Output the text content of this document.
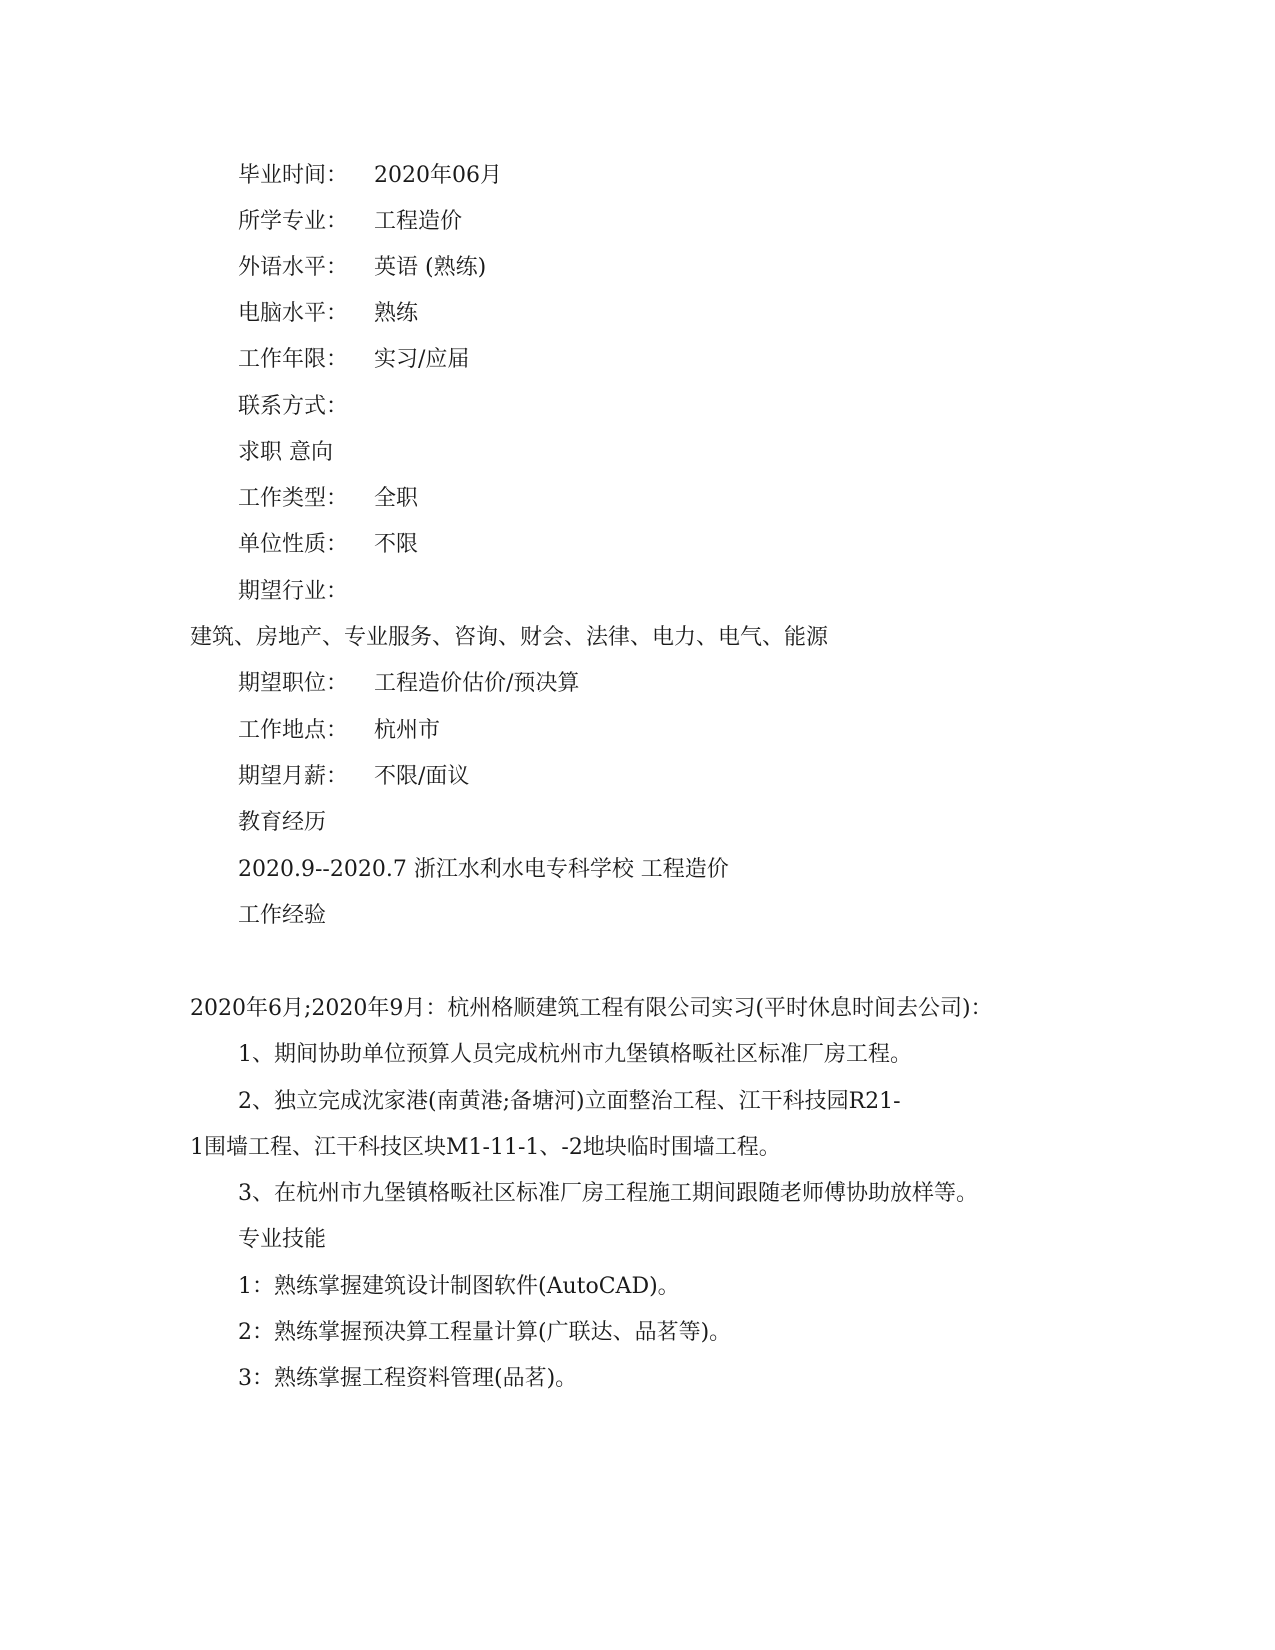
毕业时间： 2020年06月
所学专业： 工程造价
外语水平： 英语 (熟练)
电脑水平： 熟练
工作年限： 实习/应届
联系方式：
求职 意向
工作类型： 全职
单位性质： 不限
期望行业：
建筑、房地产、专业服务、咨询、财会、法律、电力、电气、能源
期望职位： 工程造价估价/预决算
工作地点： 杭州市
期望月薪： 不限/面议
教育经历
2020.9--2020.7 浙江水利水电专科学校 工程造价
工作经验
2020年6月;2020年9月：杭州格顺建筑工程有限公司实习(平时休息时间去公司)：
1、期间协助单位预算人员完成杭州市九堡镇格畈社区标准厂房工程。
2、独立完成沈家港(南黄港;备塘河)立面整治工程、江干科技园R21-
1围墙工程、江干科技区块M1-11-1、-2地块临时围墙工程。
3、在杭州市九堡镇格畈社区标准厂房工程施工期间跟随老师傅协助放样等。
专业技能
1：熟练掌握建筑设计制图软件(AutoCAD)。
2：熟练掌握预决算工程量计算(广联达、品茗等)。
3：熟练掌握工程资料管理(品茗)。
